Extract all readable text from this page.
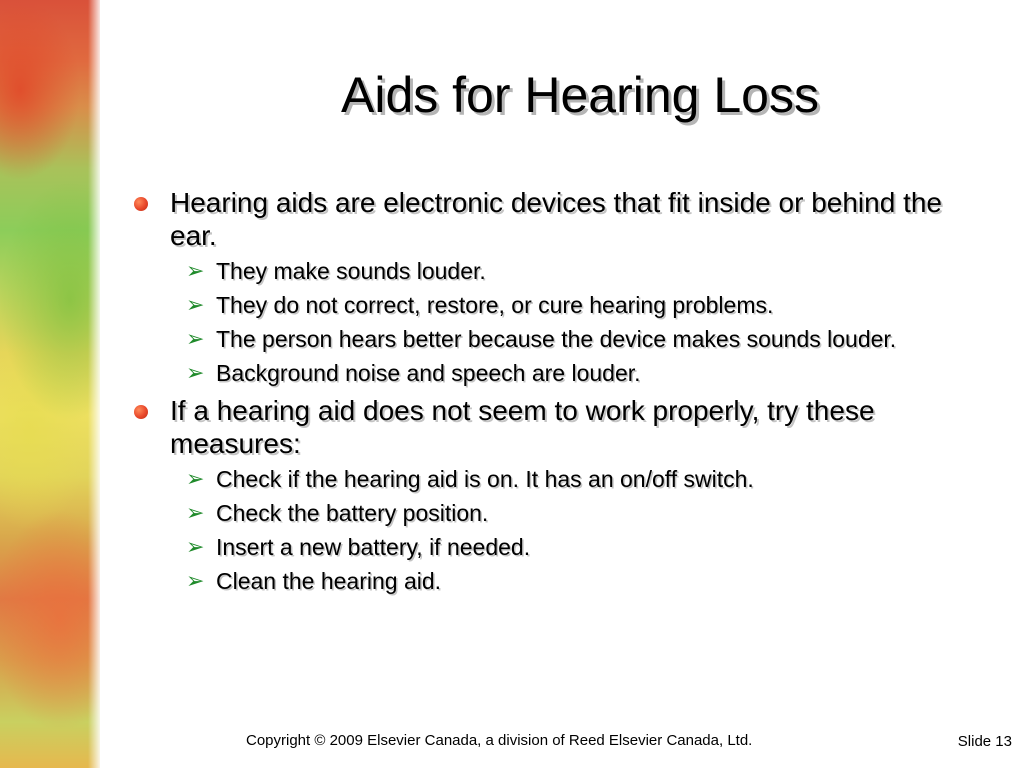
Aids for Hearing Loss
Hearing aids are electronic devices that fit inside or behind the ear.
➢ They make sounds louder.
➢ They do not correct, restore, or cure hearing problems.
➢ The person hears better because the device makes sounds louder.
➢ Background noise and speech are louder.
If a hearing aid does not seem to work properly, try these measures:
➢ Check if the hearing aid is on. It has an on/off switch.
➢ Check the battery position.
➢ Insert a new battery, if needed.
➢ Clean the hearing aid.
Copyright © 2009 Elsevier Canada, a division of Reed Elsevier Canada, Ltd.	Slide 13
